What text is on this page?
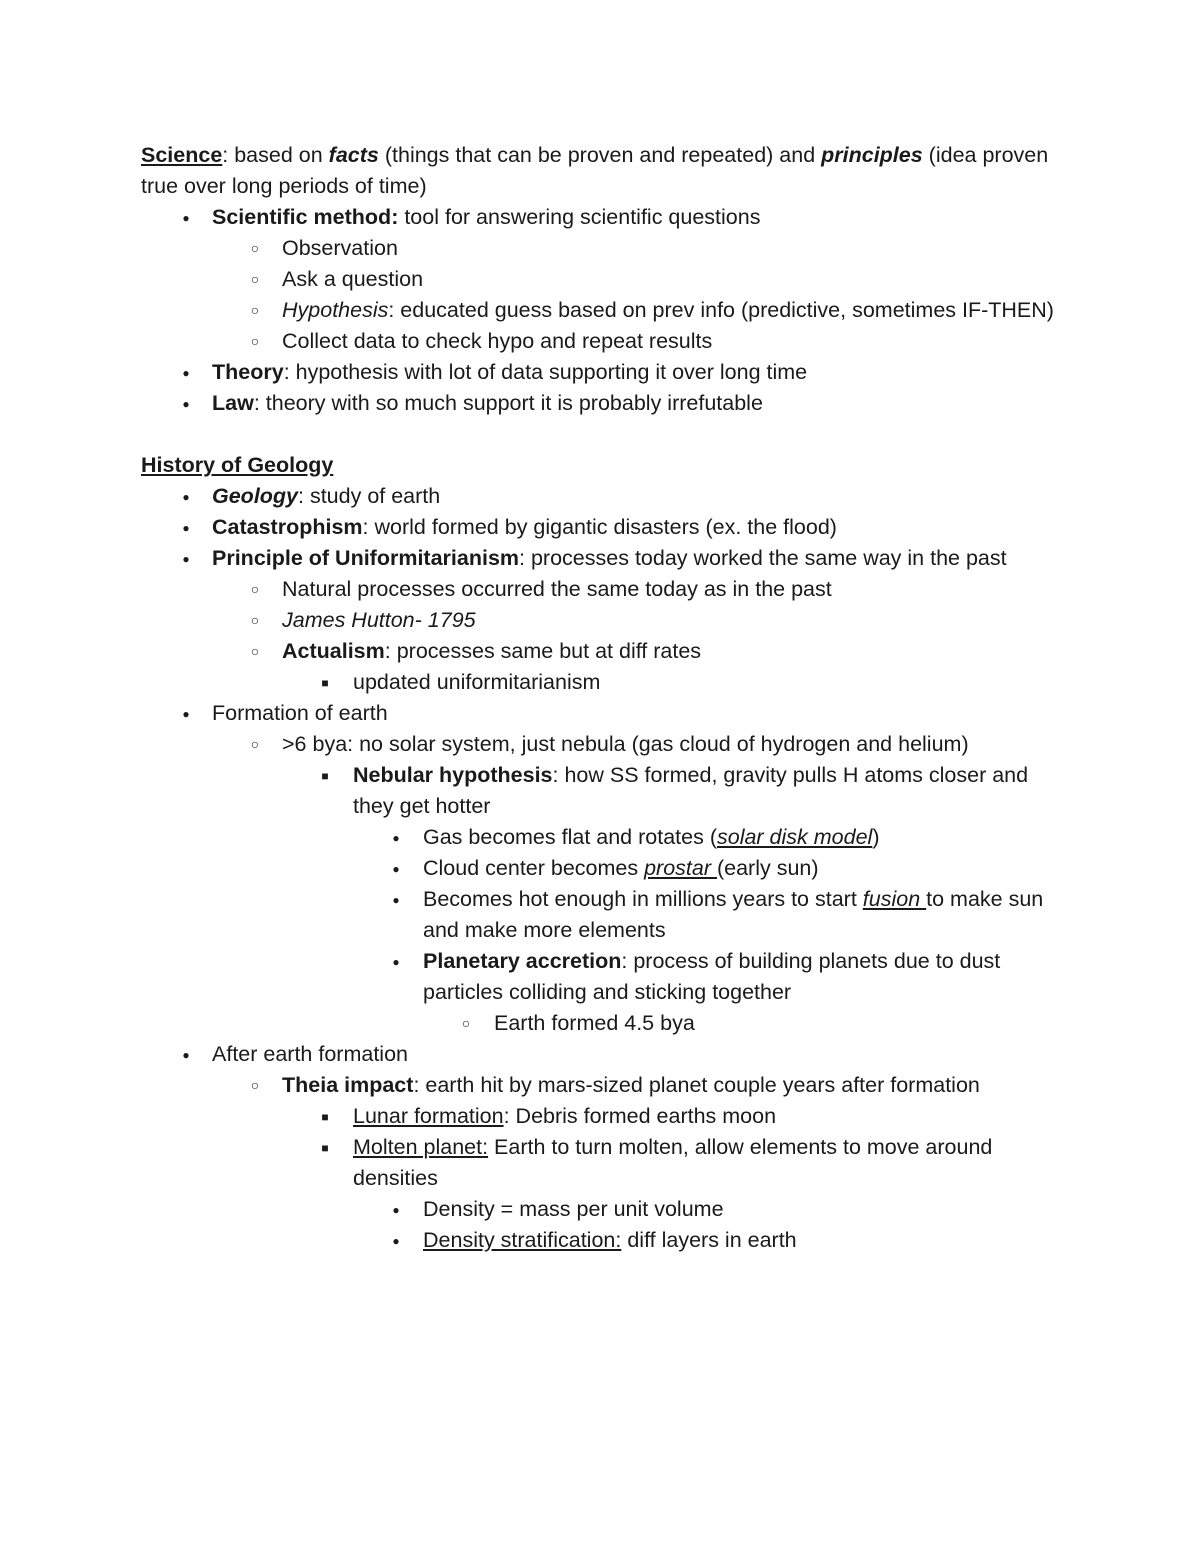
Science: based on facts (things that can be proven and repeated) and principles (idea proven true over long periods of time)

●
Scientific method: tool for answering scientific questions
○
Observation
○
Ask a question
○
Hypothesis: educated guess based on prev info (predictive, sometimes IF-THEN)
○
Collect data to check hypo and repeat results
●
Theory: hypothesis with lot of data supporting it over long time
●
Law: theory with so much support it is probably irrefutable

History of Geology

●
Geology: study of earth
●
Catastrophism: world formed by gigantic disasters (ex. the flood)
●
Principle of Uniformitarianism: processes today worked the same way in the past
○
Natural processes occurred the same today as in the past
○
James Hutton- 1795
○
Actualism: processes same but at diff rates
■
updated uniformitarianism
●
Formation of earth
○
>6 bya: no solar system, just nebula (gas cloud of hydrogen and helium)
■
Nebular hypothesis: how SS formed, gravity pulls H atoms closer and they get hotter
●
Gas becomes flat and rotates (solar disk model)
●
Cloud center becomes prostar (early sun)
●
Becomes hot enough in millions years to start fusion to make sun and make more elements
●
Planetary accretion: process of building planets due to dust particles colliding and sticking together
○
Earth formed 4.5 bya
●
After earth formation
○
Theia impact: earth hit by mars-sized planet couple years after formation
■
Lunar formation: Debris formed earths moon
■
Molten planet: Earth to turn molten, allow elements to move around densities
●
Density = mass per unit volume
●
Density stratification: diff layers in earth
